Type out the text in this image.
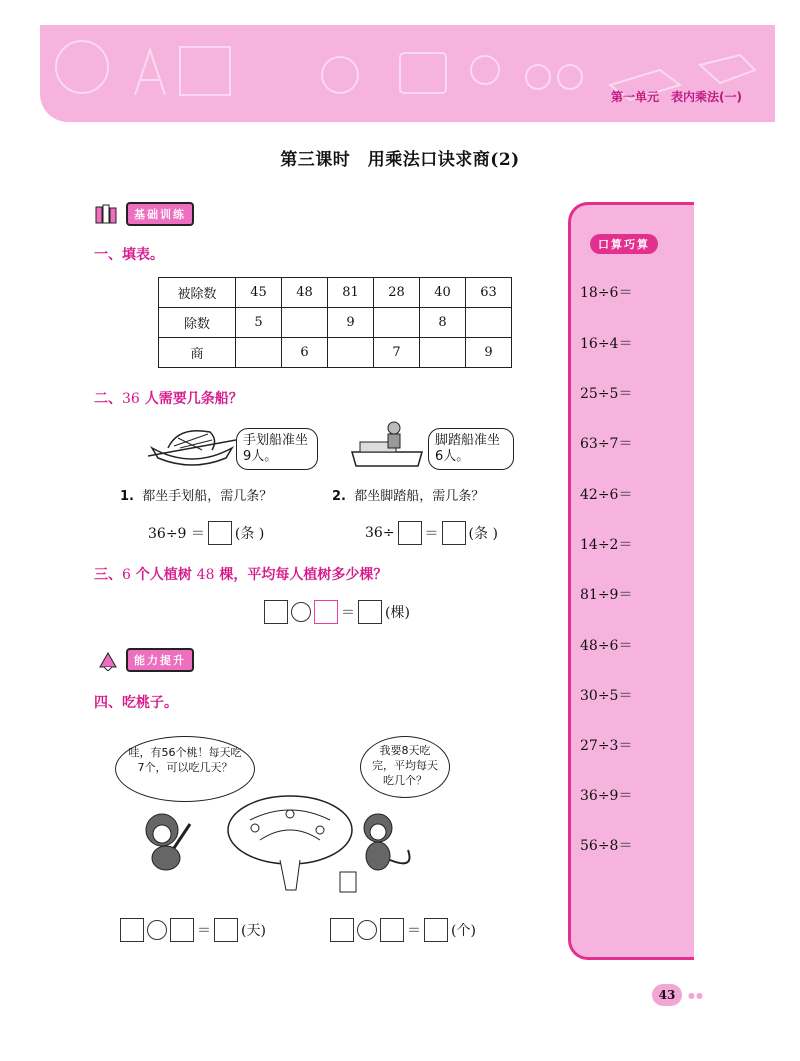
第一单元　表内乘法(一)
第三课时　用乘法口诀求商(2)
基础训练
一、填表。
被除数	45	48	81	28	40	63
除数	5		9		8	
商		6		7		9
二、36 人需要几条船？
手划船准坐9人。
脚踏船准坐6人。
1. 都坐手划船，需几条？	2. 都坐脚踏船，需几条？
36÷9 ＝ (条 )	36÷ ＝ (条 )
三、6 个人植树 48 棵，平均每人植树多少棵？
＝ (棵)
能力提升
四、吃桃子。
哇，有56个桃！每天吃7个，可以吃几天？
我要8天吃完，平均每天吃几个？
＝ (天)	＝ (个)
口算巧算
18÷6＝
16÷4＝
25÷5＝
63÷7＝
42÷6＝
14÷2＝
81÷9＝
48÷6＝
30÷5＝
27÷3＝
36÷9＝
56÷8＝
43	●●
